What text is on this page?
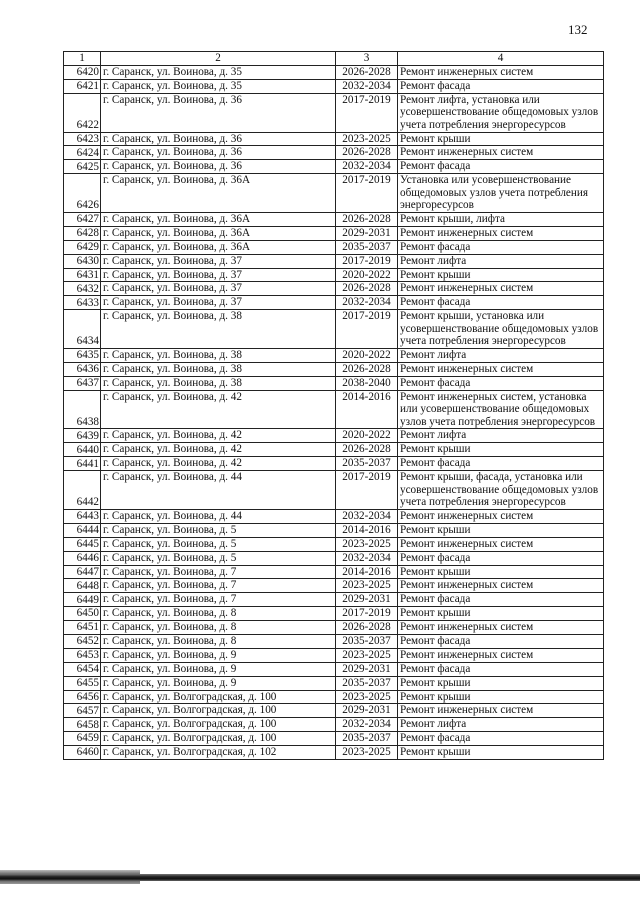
132
1	2	3	4
6420	г. Саранск, ул. Воинова, д. 35	2026-2028	Ремонт инженерных систем
6421	г. Саранск, ул. Воинова, д. 35	2032-2034	Ремонт фасада
6422	г. Саранск, ул. Воинова, д. 36	2017-2019	Ремонт лифта, установка или усовершенствование общедомовых узлов учета потребления энергоресурсов
6423	г. Саранск, ул. Воинова, д. 36	2023-2025	Ремонт крыши
6424	г. Саранск, ул. Воинова, д. 36	2026-2028	Ремонт инженерных систем
6425	г. Саранск, ул. Воинова, д. 36	2032-2034	Ремонт фасада
6426	г. Саранск, ул. Воинова, д. 36А	2017-2019	Установка или усовершенствование общедомовых узлов учета потребления энергоресурсов
6427	г. Саранск, ул. Воинова, д. 36А	2026-2028	Ремонт крыши, лифта
6428	г. Саранск, ул. Воинова, д. 36А	2029-2031	Ремонт инженерных систем
6429	г. Саранск, ул. Воинова, д. 36А	2035-2037	Ремонт фасада
6430	г. Саранск, ул. Воинова, д. 37	2017-2019	Ремонт лифта
6431	г. Саранск, ул. Воинова, д. 37	2020-2022	Ремонт крыши
6432	г. Саранск, ул. Воинова, д. 37	2026-2028	Ремонт инженерных систем
6433	г. Саранск, ул. Воинова, д. 37	2032-2034	Ремонт фасада
6434	г. Саранск, ул. Воинова, д. 38	2017-2019	Ремонт крыши, установка или усовершенствование общедомовых узлов учета потребления энергоресурсов
6435	г. Саранск, ул. Воинова, д. 38	2020-2022	Ремонт лифта
6436	г. Саранск, ул. Воинова, д. 38	2026-2028	Ремонт инженерных систем
6437	г. Саранск, ул. Воинова, д. 38	2038-2040	Ремонт фасада
6438	г. Саранск, ул. Воинова, д. 42	2014-2016	Ремонт инженерных систем, установка или усовершенствование общедомовых узлов учета потребления энергоресурсов
6439	г. Саранск, ул. Воинова, д. 42	2020-2022	Ремонт лифта
6440	г. Саранск, ул. Воинова, д. 42	2026-2028	Ремонт крыши
6441	г. Саранск, ул. Воинова, д. 42	2035-2037	Ремонт фасада
6442	г. Саранск, ул. Воинова, д. 44	2017-2019	Ремонт крыши, фасада, установка или усовершенствование общедомовых узлов учета потребления энергоресурсов
6443	г. Саранск, ул. Воинова, д. 44	2032-2034	Ремонт инженерных систем
6444	г. Саранск, ул. Воинова, д. 5	2014-2016	Ремонт крыши
6445	г. Саранск, ул. Воинова, д. 5	2023-2025	Ремонт инженерных систем
6446	г. Саранск, ул. Воинова, д. 5	2032-2034	Ремонт фасада
6447	г. Саранск, ул. Воинова, д. 7	2014-2016	Ремонт крыши
6448	г. Саранск, ул. Воинова, д. 7	2023-2025	Ремонт инженерных систем
6449	г. Саранск, ул. Воинова, д. 7	2029-2031	Ремонт фасада
6450	г. Саранск, ул. Воинова, д. 8	2017-2019	Ремонт крыши
6451	г. Саранск, ул. Воинова, д. 8	2026-2028	Ремонт инженерных систем
6452	г. Саранск, ул. Воинова, д. 8	2035-2037	Ремонт фасада
6453	г. Саранск, ул. Воинова, д. 9	2023-2025	Ремонт инженерных систем
6454	г. Саранск, ул. Воинова, д. 9	2029-2031	Ремонт фасада
6455	г. Саранск, ул. Воинова, д. 9	2035-2037	Ремонт крыши
6456	г. Саранск, ул. Волгоградская, д. 100	2023-2025	Ремонт крыши
6457	г. Саранск, ул. Волгоградская, д. 100	2029-2031	Ремонт инженерных систем
6458	г. Саранск, ул. Волгоградская, д. 100	2032-2034	Ремонт лифта
6459	г. Саранск, ул. Волгоградская, д. 100	2035-2037	Ремонт фасада
6460	г. Саранск, ул. Волгоградская, д. 102	2023-2025	Ремонт крыши
